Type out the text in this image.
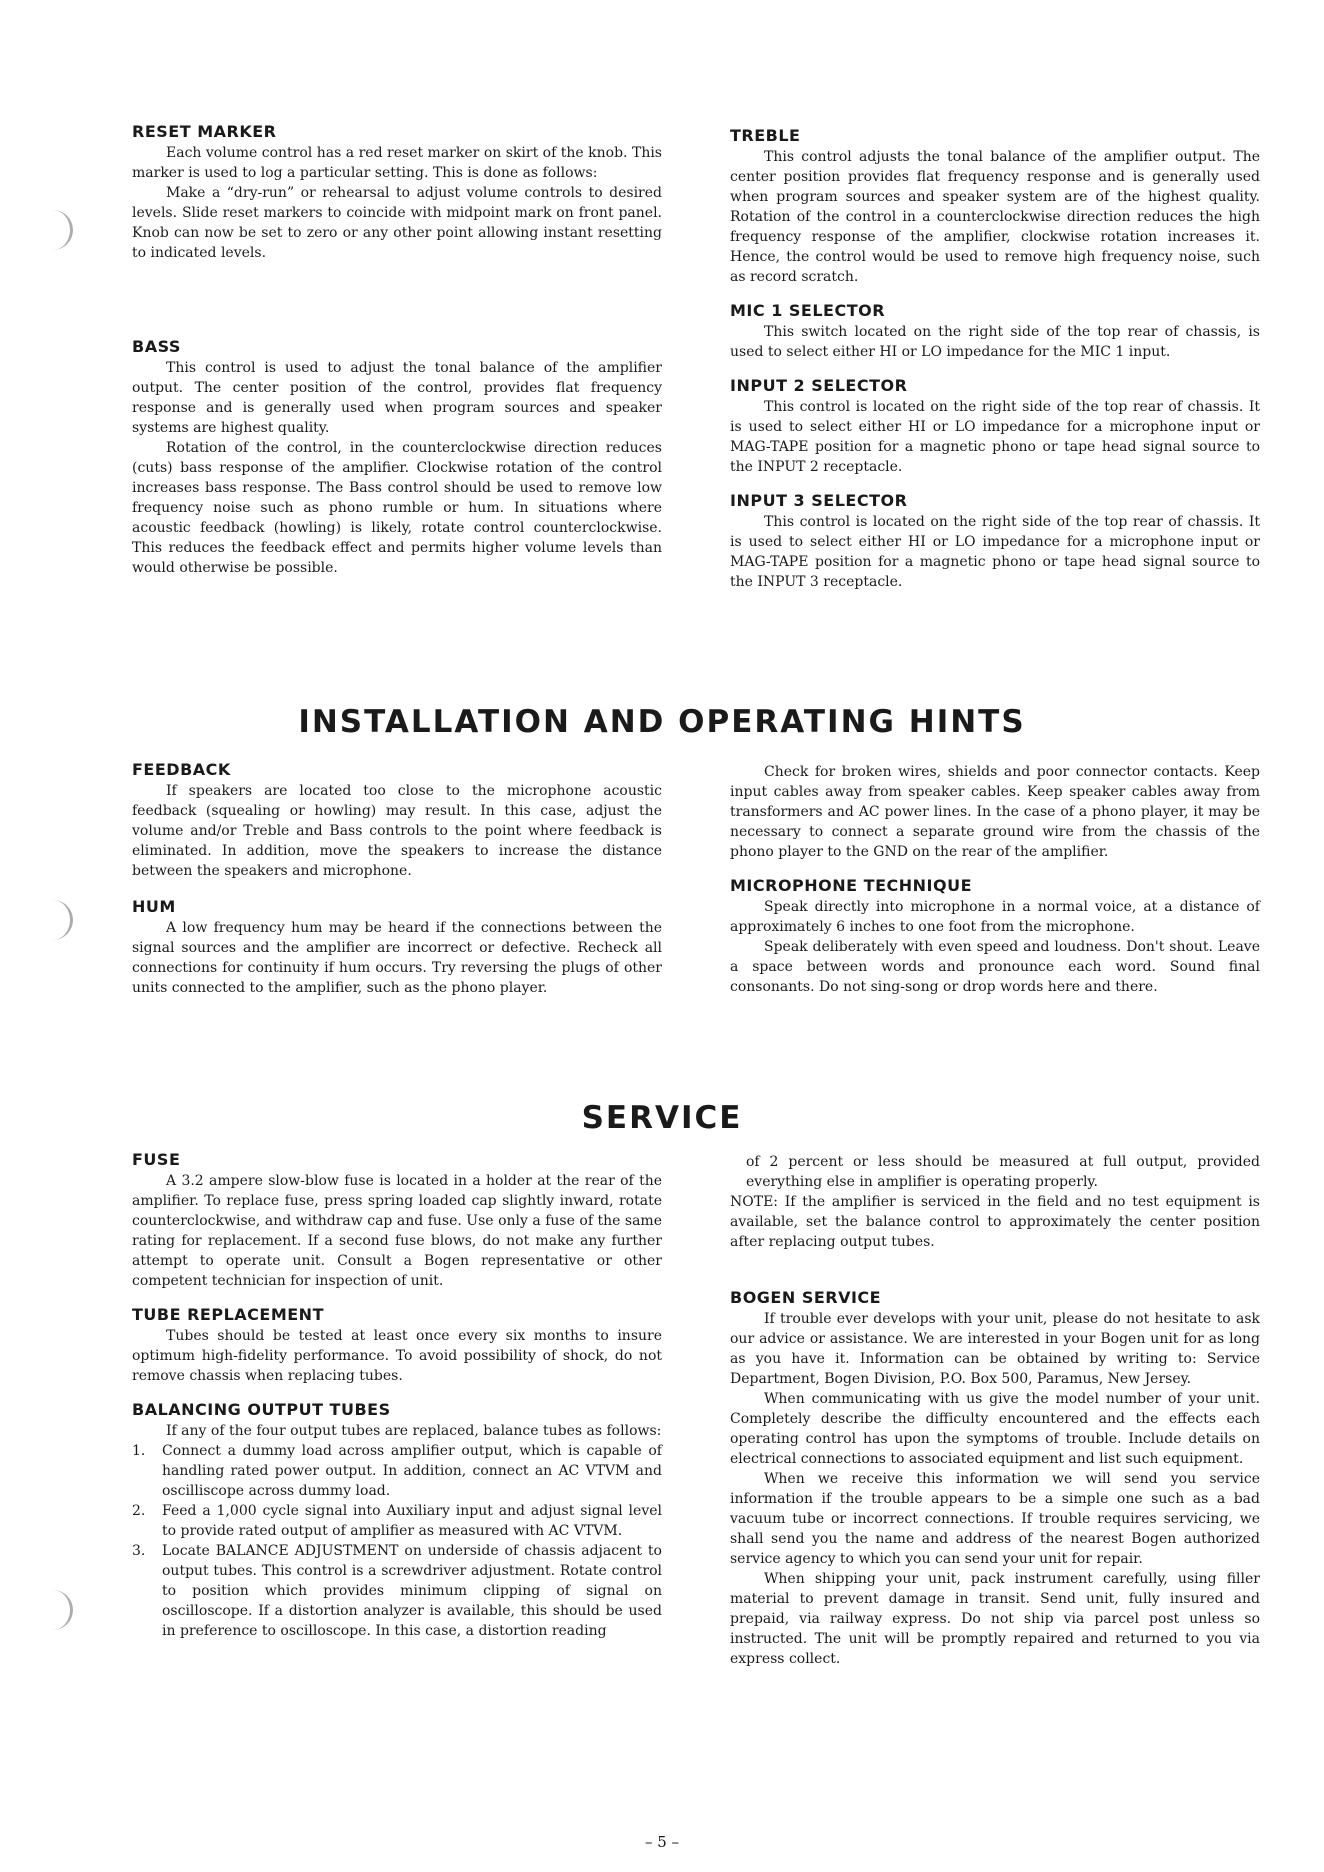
RESET MARKER

Each volume control has a red reset marker on skirt of the knob. This marker is used to log a particular setting. This is done as follows:

Make a “dry-run” or rehearsal to adjust volume controls to desired levels. Slide reset markers to coincide with midpoint mark on front panel. Knob can now be set to zero or any other point allowing instant resetting to indicated levels.

BASS

This control is used to adjust the tonal balance of the amplifier output. The center position of the control, provides flat frequency response and is generally used when program sources and speaker systems are highest quality.

Rotation of the control, in the counterclockwise direction reduces (cuts) bass response of the amplifier. Clockwise rotation of the control increases bass response. The Bass control should be used to remove low frequency noise such as phono rumble or hum. In situations where acoustic feedback (howling) is likely, rotate control counterclockwise. This reduces the feedback effect and permits higher volume levels than would otherwise be possible.

TREBLE

This control adjusts the tonal balance of the amplifier output. The center position provides flat frequency response and is generally used when program sources and speaker system are of the highest quality. Rotation of the control in a counterclockwise direction reduces the high frequency response of the amplifier, clockwise rotation increases it. Hence, the control would be used to remove high frequency noise, such as record scratch.

MIC 1 SELECTOR

This switch located on the right side of the top rear of chassis, is used to select either HI or LO impedance for the MIC 1 input.

INPUT 2 SELECTOR

This control is located on the right side of the top rear of chassis. It is used to select either HI or LO impedance for a microphone input or MAG-TAPE position for a magnetic phono or tape head signal source to the INPUT 2 receptacle.

INPUT 3 SELECTOR

This control is located on the right side of the top rear of chassis. It is used to select either HI or LO impedance for a microphone input or MAG-TAPE position for a magnetic phono or tape head signal source to the INPUT 3 receptacle.

INSTALLATION AND OPERATING HINTS
FEEDBACK

If speakers are located too close to the microphone acoustic feedback (squealing or howling) may result. In this case, adjust the volume and/or Treble and Bass controls to the point where feedback is eliminated. In addition, move the speakers to increase the distance between the speakers and microphone.

HUM

A low frequency hum may be heard if the connections between the signal sources and the amplifier are incorrect or defective. Recheck all connections for continuity if hum occurs. Try reversing the plugs of other units connected to the amplifier, such as the phono player.

Check for broken wires, shields and poor connector contacts. Keep input cables away from speaker cables. Keep speaker cables away from transformers and AC power lines. In the case of a phono player, it may be necessary to connect a separate ground wire from the chassis of the phono player to the GND on the rear of the amplifier.

MICROPHONE TECHNIQUE

Speak directly into microphone in a normal voice, at a distance of approximately 6 inches to one foot from the microphone.

Speak deliberately with even speed and loudness. Don't shout. Leave a space between words and pronounce each word. Sound final consonants. Do not sing-song or drop words here and there.

SERVICE
FUSE

A 3.2 ampere slow-blow fuse is located in a holder at the rear of the amplifier. To replace fuse, press spring loaded cap slightly inward, rotate counterclockwise, and withdraw cap and fuse. Use only a fuse of the same rating for replacement. If a second fuse blows, do not make any further attempt to operate unit. Consult a Bogen representative or other competent technician for inspection of unit.

TUBE REPLACEMENT

Tubes should be tested at least once every six months to insure optimum high-fidelity performance. To avoid possibility of shock, do not remove chassis when replacing tubes.

BALANCING OUTPUT TUBES

If any of the four output tubes are replaced, balance tubes as follows:

1. Connect a dummy load across amplifier output, which is capable of handling rated power output. In addition, connect an AC VTVM and oscilliscope across dummy load.
2. Feed a 1,000 cycle signal into Auxiliary input and adjust signal level to provide rated output of amplifier as measured with AC VTVM.
3. Locate BALANCE ADJUSTMENT on underside of chassis adjacent to output tubes. This control is a screwdriver adjustment. Rotate control to position which provides minimum clipping of signal on oscilloscope. If a distortion analyzer is available, this should be used in preference to oscilloscope. In this case, a distortion reading

of 2 percent or less should be measured at full output, provided everything else in amplifier is operating properly.

NOTE: If the amplifier is serviced in the field and no test equipment is available, set the balance control to approximately the center position after replacing output tubes.

BOGEN SERVICE

If trouble ever develops with your unit, please do not hesitate to ask our advice or assistance. We are interested in your Bogen unit for as long as you have it. Information can be obtained by writing to: Service Department, Bogen Division, P.O. Box 500, Paramus, New Jersey.

When communicating with us give the model number of your unit. Completely describe the difficulty encountered and the effects each operating control has upon the symptoms of trouble. Include details on electrical connections to associated equipment and list such equipment.

When we receive this information we will send you service information if the trouble appears to be a simple one such as a bad vacuum tube or incorrect connections. If trouble requires servicing, we shall send you the name and address of the nearest Bogen authorized service agency to which you can send your unit for repair.

When shipping your unit, pack instrument carefully, using filler material to prevent damage in transit. Send unit, fully insured and prepaid, via railway express. Do not ship via parcel post unless so instructed. The unit will be promptly repaired and returned to you via express collect.

– 5 –
